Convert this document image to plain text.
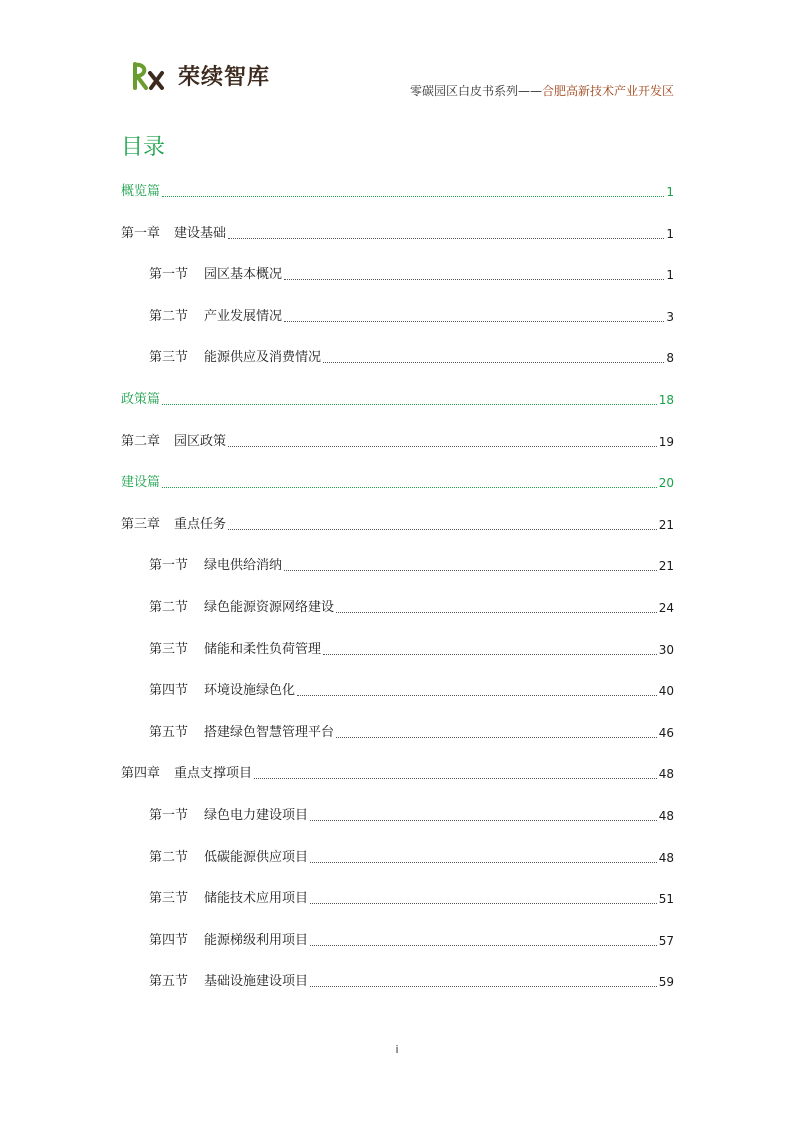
荣续智库
零碳园区白皮书系列——合肥高新技术产业开发区
目录
概览篇	1
第一章 建设基础	1
第一节 园区基本概况	1
第二节 产业发展情况	3
第三节 能源供应及消费情况	8
政策篇	18
第二章 园区政策	19
建设篇	20
第三章 重点任务	21
第一节 绿电供给消纳	21
第二节 绿色能源资源网络建设	24
第三节 储能和柔性负荷管理	30
第四节 环境设施绿色化	40
第五节 搭建绿色智慧管理平台	46
第四章 重点支撑项目	48
第一节 绿色电力建设项目	48
第二节 低碳能源供应项目	48
第三节 储能技术应用项目	51
第四节 能源梯级利用项目	57
第五节 基础设施建设项目	59
i
